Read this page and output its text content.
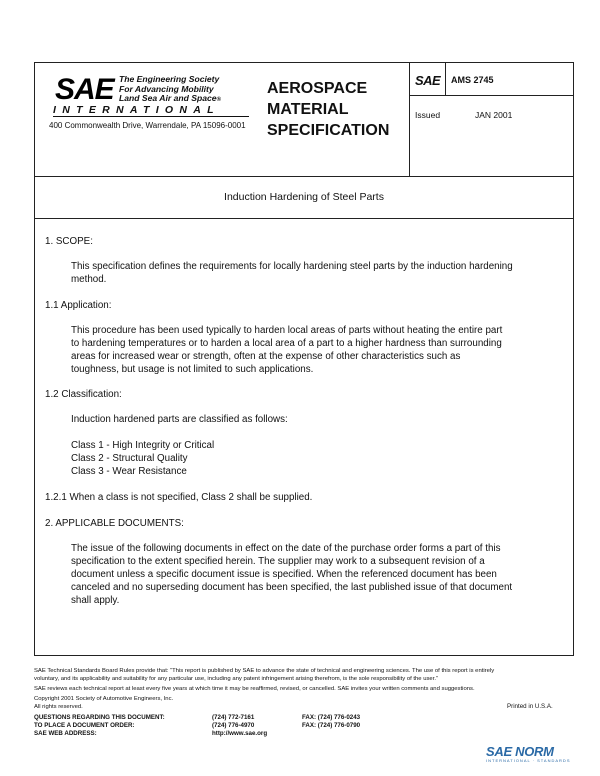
SAE The Engineering Society
For Advancing Mobility
Land Sea Air and Space®
INTERNATIONAL
400 Commonwealth Drive, Warrendale, PA 15096-0001
AEROSPACE
MATERIAL
SPECIFICATION
SAE AMS 2745
Issued	JAN 2001
Induction Hardening of Steel Parts
1. SCOPE:
This specification defines the requirements for locally hardening steel parts by the induction hardening
method.
1.1 Application:
This procedure has been used typically to harden local areas of parts without heating the entire part
to hardening temperatures or to harden a local area of a part to a higher hardness than surrounding
areas for increased wear or strength, often at the expense of other characteristics such as
toughness, but usage is not limited to such applications.
1.2 Classification:
Induction hardened parts are classified as follows:
Class 1 - High Integrity or Critical
Class 2 - Structural Quality
Class 3 - Wear Resistance
1.2.1 When a class is not specified, Class 2 shall be supplied.
2. APPLICABLE DOCUMENTS:
The issue of the following documents in effect on the date of the purchase order forms a part of this
specification to the extent specified herein. The supplier may work to a subsequent revision of a
document unless a specific document issue is specified. When the referenced document has been
canceled and no superseding document has been specified, the last published issue of that document
shall apply.
SAE Technical Standards Board Rules provide that: “This report is published by SAE to advance the state of technical and engineering sciences. The use of this report is entirely
voluntary, and its applicability and suitability for any particular use, including any patent infringement arising therefrom, is the sole responsibility of the user.”
SAE reviews each technical report at least every five years at which time it may be reaffirmed, revised, or cancelled. SAE invites your written comments and suggestions.
Copyright 2001 Society of Automotive Engineers, Inc.
All rights reserved.	Printed in U.S.A.
QUESTIONS REGARDING THIS DOCUMENT:	(724) 772-7161	FAX: (724) 776-0243
TO PLACE A DOCUMENT ORDER:	(724) 776-4970	FAX: (724) 776-0790
SAE WEB ADDRESS:	http://www.sae.org
SAE NORM
INTERNATIONAL · STANDARDS
